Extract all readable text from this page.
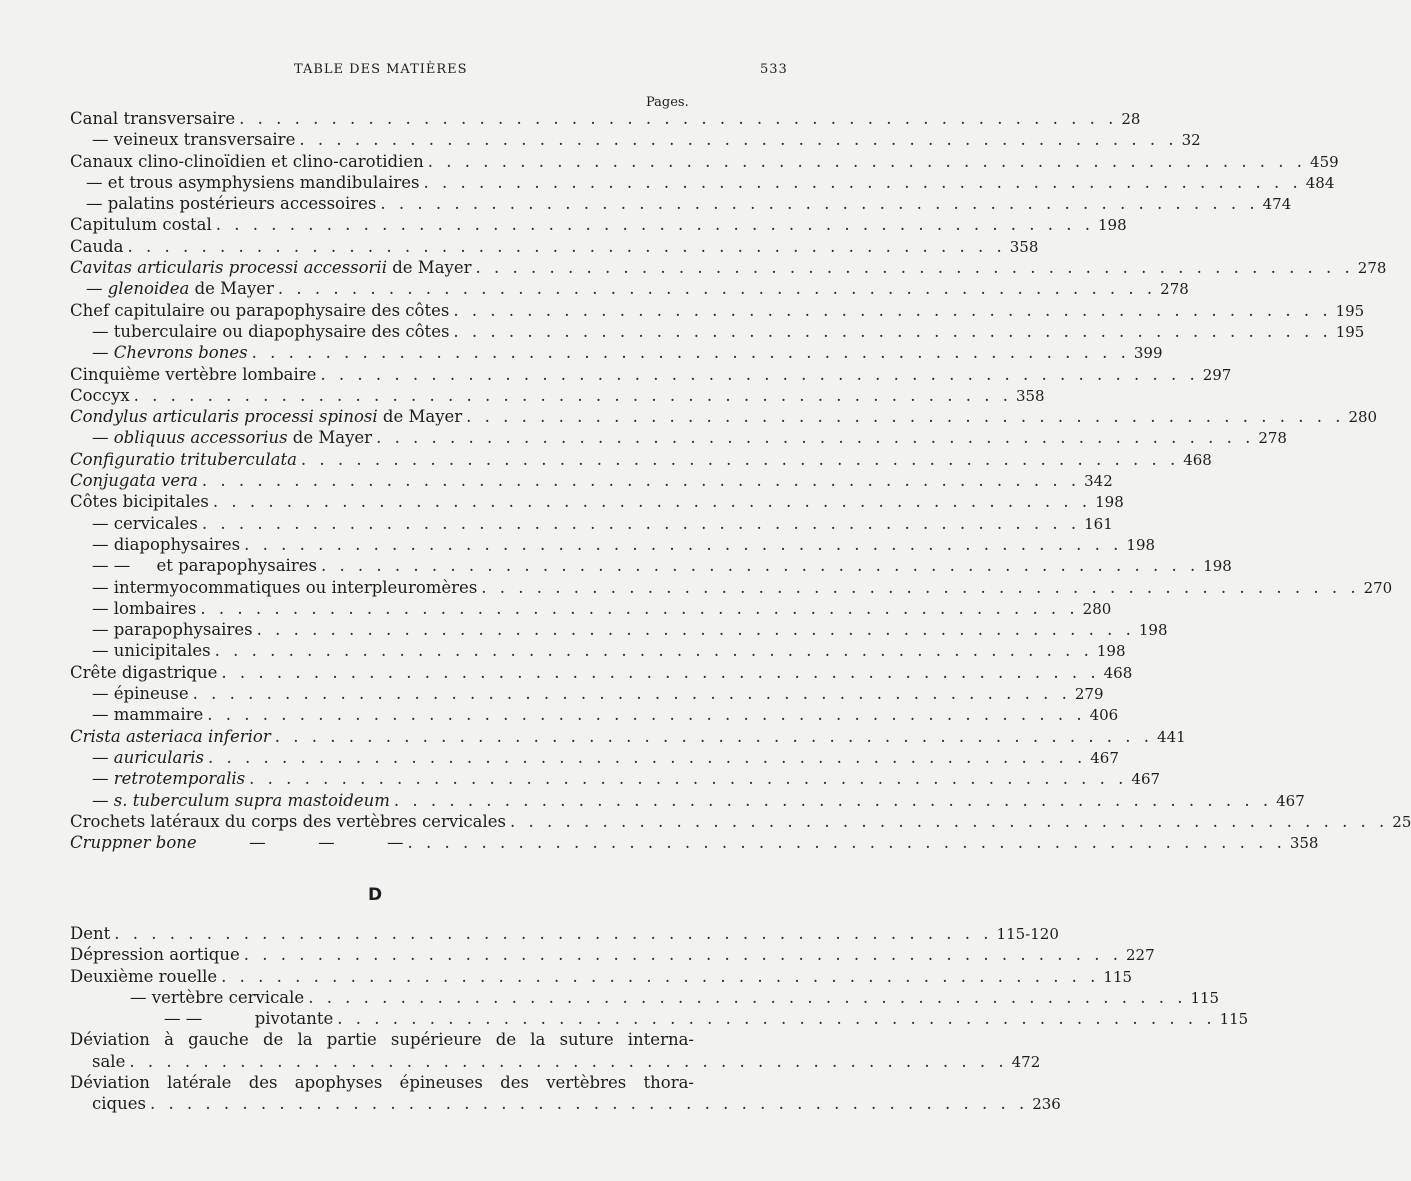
TABLE DES MATIÈRES	533
Pages.
Canal transversaire . . . . . . . . . . . . . . . . . . . . . . . . . . . . . . . . . . . . . . . . . . . . . . . . 28
— veineux transversaire . . . . . . . . . . . . . . . . . . . . . . . . . . . . . . . . . . . . . . . . . . . . . . . . 32
Canaux clino-clinoïdien et clino-carotidien . . . . . . . . . . . . . . . . . . . . . . . . . . . . . . . . . . . . . . . . . . . . . . . . 459
— et trous asymphysiens mandibulaires . . . . . . . . . . . . . . . . . . . . . . . . . . . . . . . . . . . . . . . . . . . . . . . . 484
— palatins postérieurs accessoires . . . . . . . . . . . . . . . . . . . . . . . . . . . . . . . . . . . . . . . . . . . . . . . . 474
Capitulum costal . . . . . . . . . . . . . . . . . . . . . . . . . . . . . . . . . . . . . . . . . . . . . . . . 198
Cauda . . . . . . . . . . . . . . . . . . . . . . . . . . . . . . . . . . . . . . . . . . . . . . . . 358
Cavitas articularis processi accessorii de Mayer . . . . . . . . . . . . . . . . . . . . . . . . . . . . . . . . . . . . . . . . . . . . . . . . 278
— glenoidea de Mayer . . . . . . . . . . . . . . . . . . . . . . . . . . . . . . . . . . . . . . . . . . . . . . . . 278
Chef capitulaire ou parapophysaire des côtes . . . . . . . . . . . . . . . . . . . . . . . . . . . . . . . . . . . . . . . . . . . . . . . . 195
— tuberculaire ou diapophysaire des côtes . . . . . . . . . . . . . . . . . . . . . . . . . . . . . . . . . . . . . . . . . . . . . . . . 195
— Chevrons bones . . . . . . . . . . . . . . . . . . . . . . . . . . . . . . . . . . . . . . . . . . . . . . . . 399
Cinquième vertèbre lombaire . . . . . . . . . . . . . . . . . . . . . . . . . . . . . . . . . . . . . . . . . . . . . . . . 297
Coccyx . . . . . . . . . . . . . . . . . . . . . . . . . . . . . . . . . . . . . . . . . . . . . . . . 358
Condylus articularis processi spinosi de Mayer . . . . . . . . . . . . . . . . . . . . . . . . . . . . . . . . . . . . . . . . . . . . . . . . 280
— obliquus accessorius de Mayer . . . . . . . . . . . . . . . . . . . . . . . . . . . . . . . . . . . . . . . . . . . . . . . . 278
Configuratio trituberculata . . . . . . . . . . . . . . . . . . . . . . . . . . . . . . . . . . . . . . . . . . . . . . . . 468
Conjugata vera . . . . . . . . . . . . . . . . . . . . . . . . . . . . . . . . . . . . . . . . . . . . . . . . 342
Côtes bicipitales . . . . . . . . . . . . . . . . . . . . . . . . . . . . . . . . . . . . . . . . . . . . . . . . 198
— cervicales . . . . . . . . . . . . . . . . . . . . . . . . . . . . . . . . . . . . . . . . . . . . . . . . 161
— diapophysaires . . . . . . . . . . . . . . . . . . . . . . . . . . . . . . . . . . . . . . . . . . . . . . . . 198
— —     et parapophysaires . . . . . . . . . . . . . . . . . . . . . . . . . . . . . . . . . . . . . . . . . . . . . . . . 198
— intermyocommatiques ou interpleuromères . . . . . . . . . . . . . . . . . . . . . . . . . . . . . . . . . . . . . . . . . . . . . . . . 270
— lombaires . . . . . . . . . . . . . . . . . . . . . . . . . . . . . . . . . . . . . . . . . . . . . . . . 280
— parapophysaires . . . . . . . . . . . . . . . . . . . . . . . . . . . . . . . . . . . . . . . . . . . . . . . . 198
— unicipitales . . . . . . . . . . . . . . . . . . . . . . . . . . . . . . . . . . . . . . . . . . . . . . . . 198
Crête digastrique . . . . . . . . . . . . . . . . . . . . . . . . . . . . . . . . . . . . . . . . . . . . . . . . 468
— épineuse . . . . . . . . . . . . . . . . . . . . . . . . . . . . . . . . . . . . . . . . . . . . . . . . 279
— mammaire . . . . . . . . . . . . . . . . . . . . . . . . . . . . . . . . . . . . . . . . . . . . . . . . 406
Crista asteriaca inferior . . . . . . . . . . . . . . . . . . . . . . . . . . . . . . . . . . . . . . . . . . . . . . . . 441
— auricularis . . . . . . . . . . . . . . . . . . . . . . . . . . . . . . . . . . . . . . . . . . . . . . . . 467
— retrotemporalis . . . . . . . . . . . . . . . . . . . . . . . . . . . . . . . . . . . . . . . . . . . . . . . . 467
— s. tuberculum supra mastoideum . . . . . . . . . . . . . . . . . . . . . . . . . . . . . . . . . . . . . . . . . . . . . . . . 467
Crochets latéraux du corps des vertèbres cervicales . . . . . . . . . . . . . . . . . . . . . . . . . . . . . . . . . . . . . . . . . . . . . . . . 25
Cruppner bone          —          —          — . . . . . . . . . . . . . . . . . . . . . . . . . . . . . . . . . . . . . . . . . . . . . . . . 358
D
Dent . . . . . . . . . . . . . . . . . . . . . . . . . . . . . . . . . . . . . . . . . . . . . . . . 115-120
Dépression aortique . . . . . . . . . . . . . . . . . . . . . . . . . . . . . . . . . . . . . . . . . . . . . . . . 227
Deuxième rouelle . . . . . . . . . . . . . . . . . . . . . . . . . . . . . . . . . . . . . . . . . . . . . . . . 115
— vertèbre cervicale . . . . . . . . . . . . . . . . . . . . . . . . . . . . . . . . . . . . . . . . . . . . . . . . 115
— —          pivotante . . . . . . . . . . . . . . . . . . . . . . . . . . . . . . . . . . . . . . . . . . . . . . . . 115
Déviation à gauche de la partie supérieure de la suture interna-
sale . . . . . . . . . . . . . . . . . . . . . . . . . . . . . . . . . . . . . . . . . . . . . . . . 472
Déviation latérale des apophyses épineuses des vertèbres thora-
ciques . . . . . . . . . . . . . . . . . . . . . . . . . . . . . . . . . . . . . . . . . . . . . . . . 236
